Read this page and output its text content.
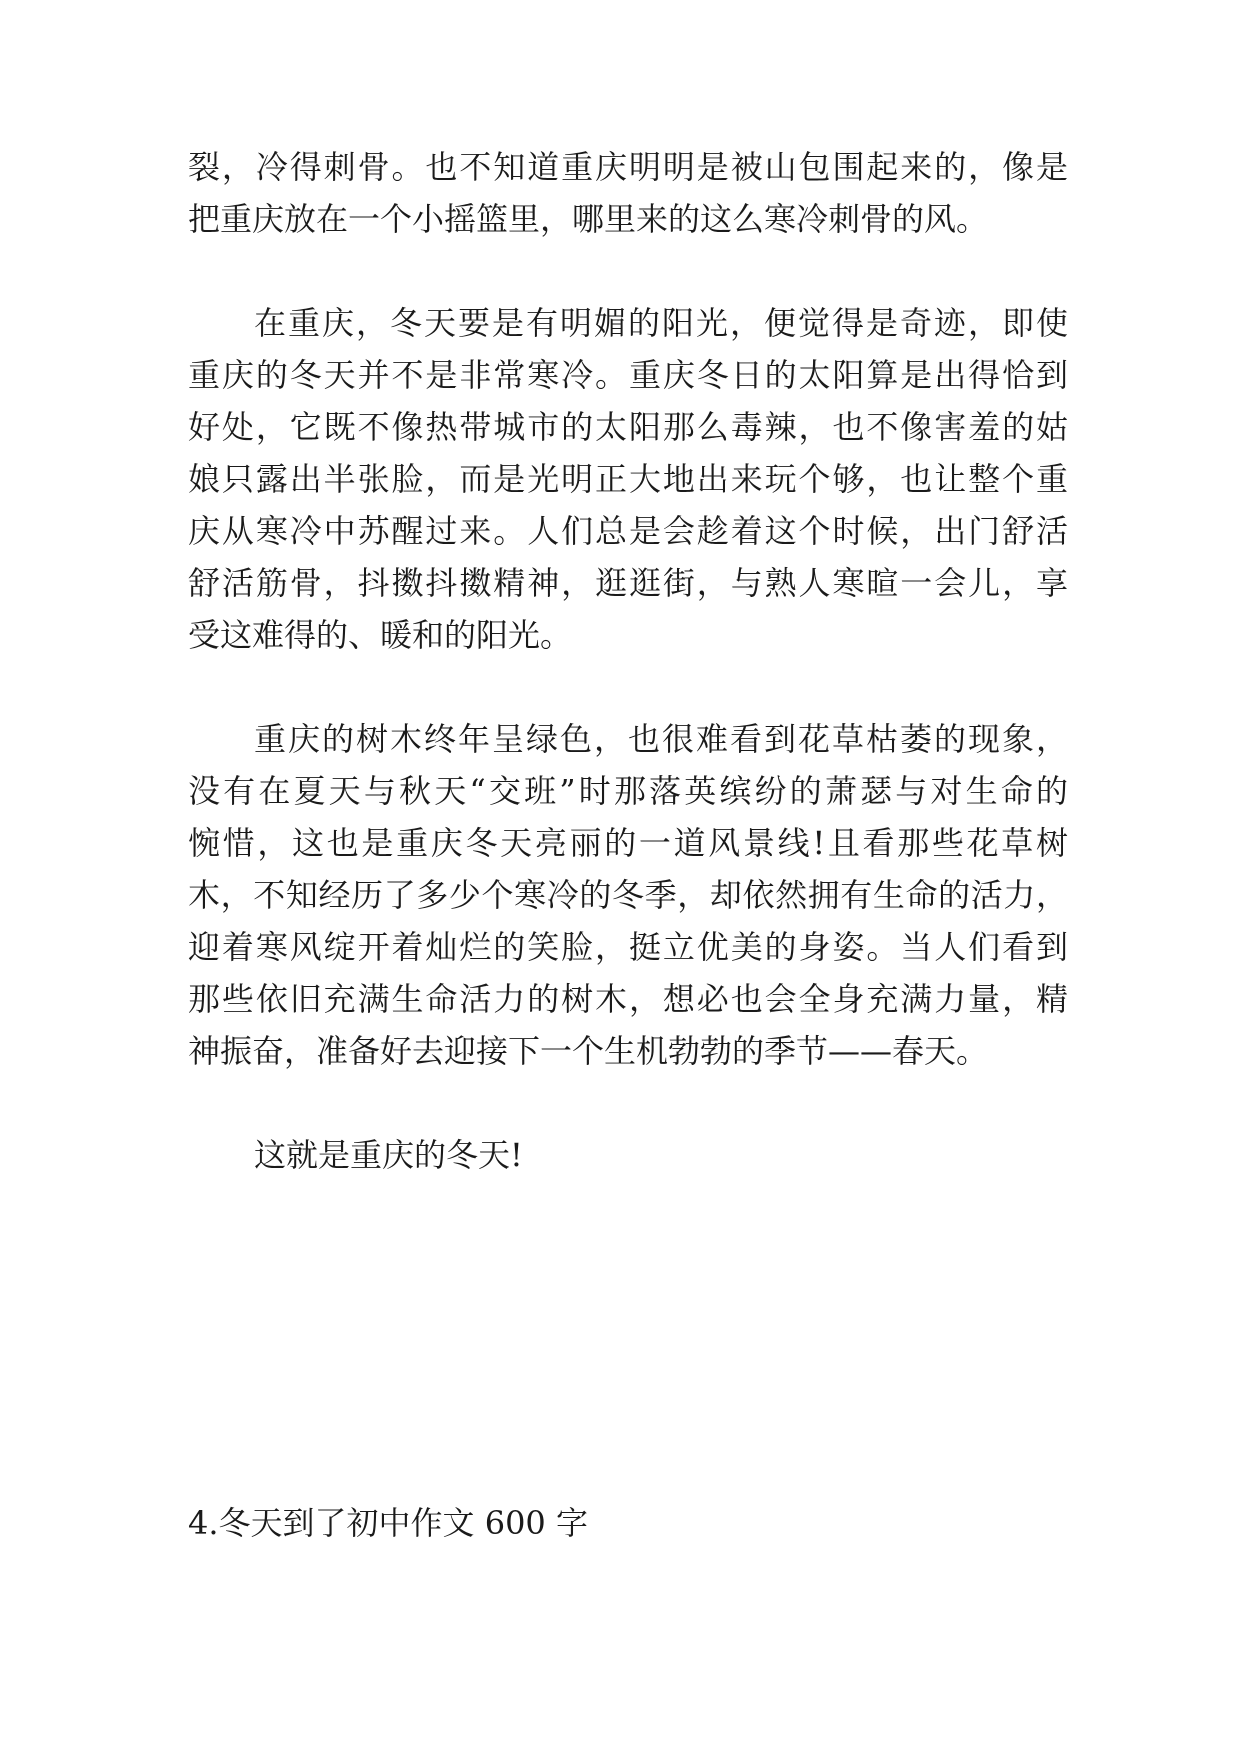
裂，冷得刺骨。也不知道重庆明明是被山包围起来的，像是
把重庆放在一个小摇篮里，哪里来的这么寒冷刺骨的风。
在重庆，冬天要是有明媚的阳光，便觉得是奇迹，即使
重庆的冬天并不是非常寒冷。重庆冬日的太阳算是出得恰到
好处，它既不像热带城市的太阳那么毒辣，也不像害羞的姑
娘只露出半张脸，而是光明正大地出来玩个够，也让整个重
庆从寒冷中苏醒过来。人们总是会趁着这个时候，出门舒活
舒活筋骨，抖擞抖擞精神，逛逛街，与熟人寒暄一会儿，享
受这难得的、暖和的阳光。
重庆的树木终年呈绿色，也很难看到花草枯萎的现象，
没有在夏天与秋天“交班”时那落英缤纷的萧瑟与对生命的
惋惜，这也是重庆冬天亮丽的一道风景线!且看那些花草树
木，不知经历了多少个寒冷的冬季，却依然拥有生命的活力，
迎着寒风绽开着灿烂的笑脸，挺立优美的身姿。当人们看到
那些依旧充满生命活力的树木，想必也会全身充满力量，精
神振奋，准备好去迎接下一个生机勃勃的季节——春天。
这就是重庆的冬天!
4.冬天到了初中作文 600 字
